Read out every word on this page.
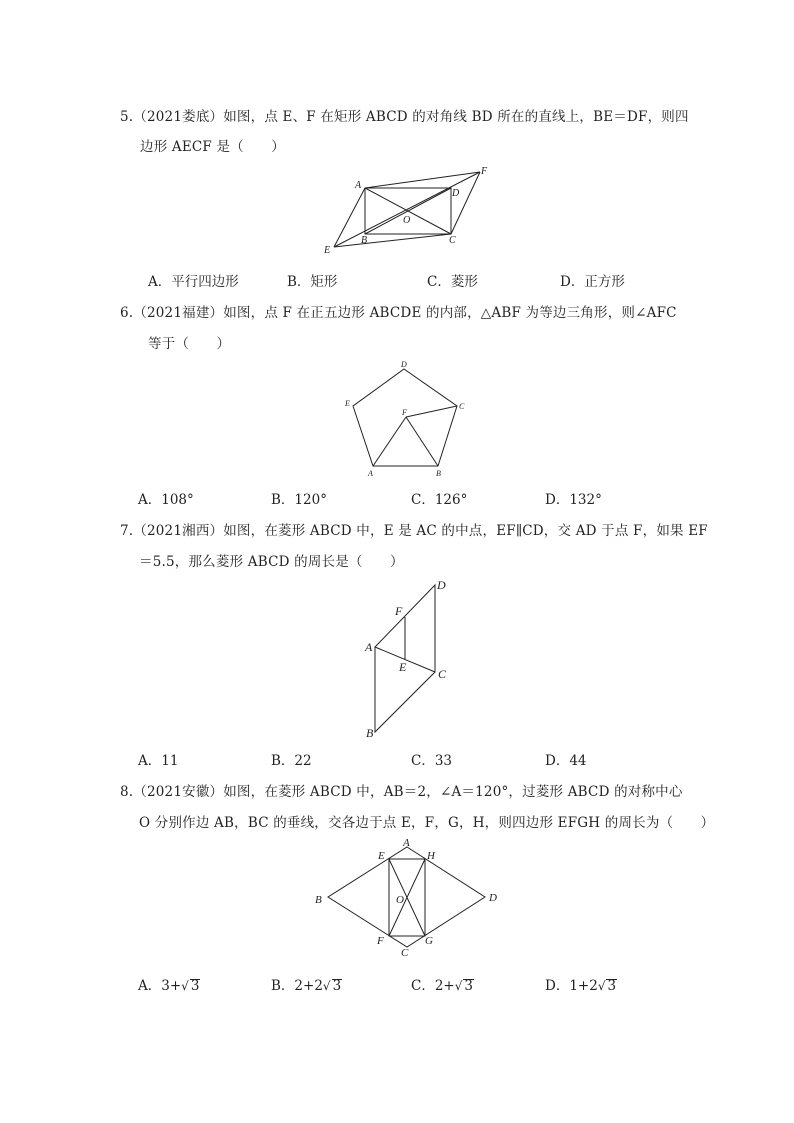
5.（2021娄底）如图，点 E、F 在矩形 ABCD 的对角线 BD 所在的直线上，BE＝DF，则四
边形 AECF 是（　　）
A
D
F
O
E
B	C
A．平行四边形	B．矩形	C．菱形	D．正方形
6.（2021福建）如图，点 F 在正五边形 ABCDE 的内部，△ABF 为等边三角形，则∠AFC
等于（　　）
D
E
F
C
A	B
A．108°	B．120°	C．126°	D．132°
7.（2021湘西）如图，在菱形 ABCD 中，E 是 AC 的中点，EF∥CD，交 AD 于点 F，如果 EF
＝5.5，那么菱形 ABCD 的周长是（　　）
D
F
A
E	C
B
A．11	B．22	C．33	D．44
8.（2021安徽）如图，在菱形 ABCD 中，AB＝2，∠A＝120°，过菱形 ABCD 的对称中心
O 分别作边 AB，BC 的垂线，交各边于点 E，F，G，H，则四边形 EFGH 的周长为（　　）
A
E	H
B	O	D
F
C
G
A．3+√ 3	B．2+2√ 3	C．2+√ 3	D．1+2√ 3
